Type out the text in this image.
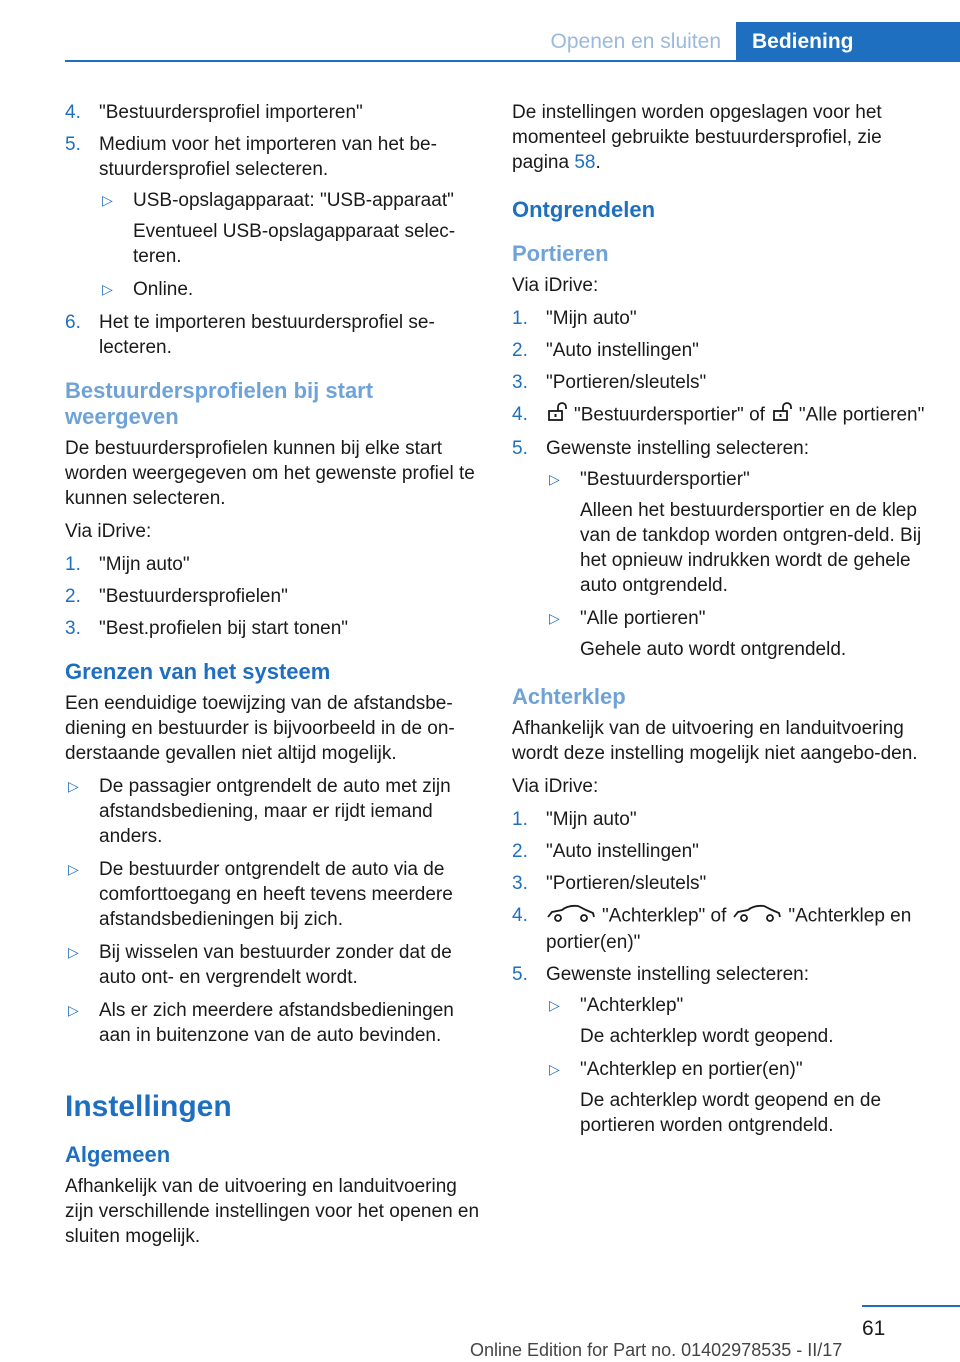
Openen en sluiten	Bediening
4. "Bestuurdersprofiel importeren"
5. Medium voor het importeren van het be-stuurdersprofiel selecteren.
▷ USB-opslagapparaat: "USB-apparaat"
Eventueel USB-opslagapparaat selec-teren.
▷ Online.
6. Het te importeren bestuurdersprofiel se-lecteren.
Bestuurdersprofielen bij start weergeven

De bestuurdersprofielen kunnen bij elke start worden weergegeven om het gewenste profiel te kunnen selecteren.

Via iDrive:

1. "Mijn auto"
2. "Bestuurdersprofielen"
3. "Best.profielen bij start tonen"
Grenzen van het systeem

Een eenduidige toewijzing van de afstandsbe-diening en bestuurder is bijvoorbeeld in de on-derstaande gevallen niet altijd mogelijk.

▷ De passagier ontgrendelt de auto met zijn afstandsbediening, maar er rijdt iemand anders.
▷ De bestuurder ontgrendelt de auto via de comforttoegang en heeft tevens meerdere afstandsbedieningen bij zich.
▷ Bij wisselen van bestuurder zonder dat de auto ont- en vergrendelt wordt.
▷ Als er zich meerdere afstandsbedieningen aan in buitenzone van de auto bevinden.
Instellingen
Algemeen

Afhankelijk van de uitvoering en landuitvoering zijn verschillende instellingen voor het openen en sluiten mogelijk.

De instellingen worden opgeslagen voor het momenteel gebruikte bestuurdersprofiel, zie pagina 58.

Ontgrendelen
Portieren

Via iDrive:

1. "Mijn auto"
2. "Auto instellingen"
3. "Portieren/sleutels"
4. "Bestuurdersportier" of "Alle portieren"
5. Gewenste instelling selecteren:
▷ "Bestuurdersportier"
Alleen het bestuurdersportier en de klep van de tankdop worden ontgren-deld. Bij het opnieuw indrukken wordt de gehele auto ontgrendeld.
▷ "Alle portieren"
Gehele auto wordt ontgrendeld.
Achterklep

Afhankelijk van de uitvoering en landuitvoering wordt deze instelling mogelijk niet aangebo-den.

Via iDrive:

1. "Mijn auto"
2. "Auto instellingen"
3. "Portieren/sleutels"
4.	"Achterklep" of	"Achterklep en portier(en)"
5. Gewenste instelling selecteren:
▷ "Achterklep"
De achterklep wordt geopend.
▷ "Achterklep en portier(en)"
De achterklep wordt geopend en de portieren worden ontgrendeld.
61
Online Edition for Part no. 01402978535 - II/17
